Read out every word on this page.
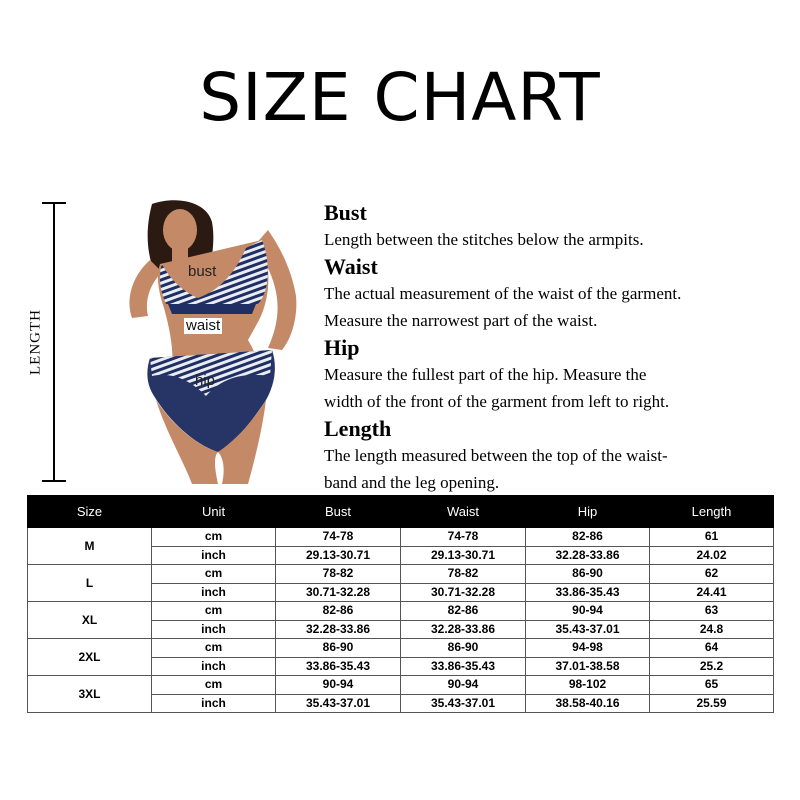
SIZE CHART
LENGTH
bust
waist
hip
Bust

Length between the stitches below the armpits.

Waist

The actual measurement of the waist of the garment.

Measure the narrowest part of the waist.

Hip

Measure the fullest part of the hip. Measure the

width of the front of the garment from left to right.

Length

The length measured between the top of the waist-

band and the leg opening.

Size	Unit	Bust	Waist	Hip	Length
M	cm	74-78	74-78	82-86	61
	inch	29.13-30.71	29.13-30.71	32.28-33.86	24.02
L	cm	78-82	78-82	86-90	62
	inch	30.71-32.28	30.71-32.28	33.86-35.43	24.41
XL	cm	82-86	82-86	90-94	63
	inch	32.28-33.86	32.28-33.86	35.43-37.01	24.8
2XL	cm	86-90	86-90	94-98	64
	inch	33.86-35.43	33.86-35.43	37.01-38.58	25.2
3XL	cm	90-94	90-94	98-102	65
	inch	35.43-37.01	35.43-37.01	38.58-40.16	25.59
